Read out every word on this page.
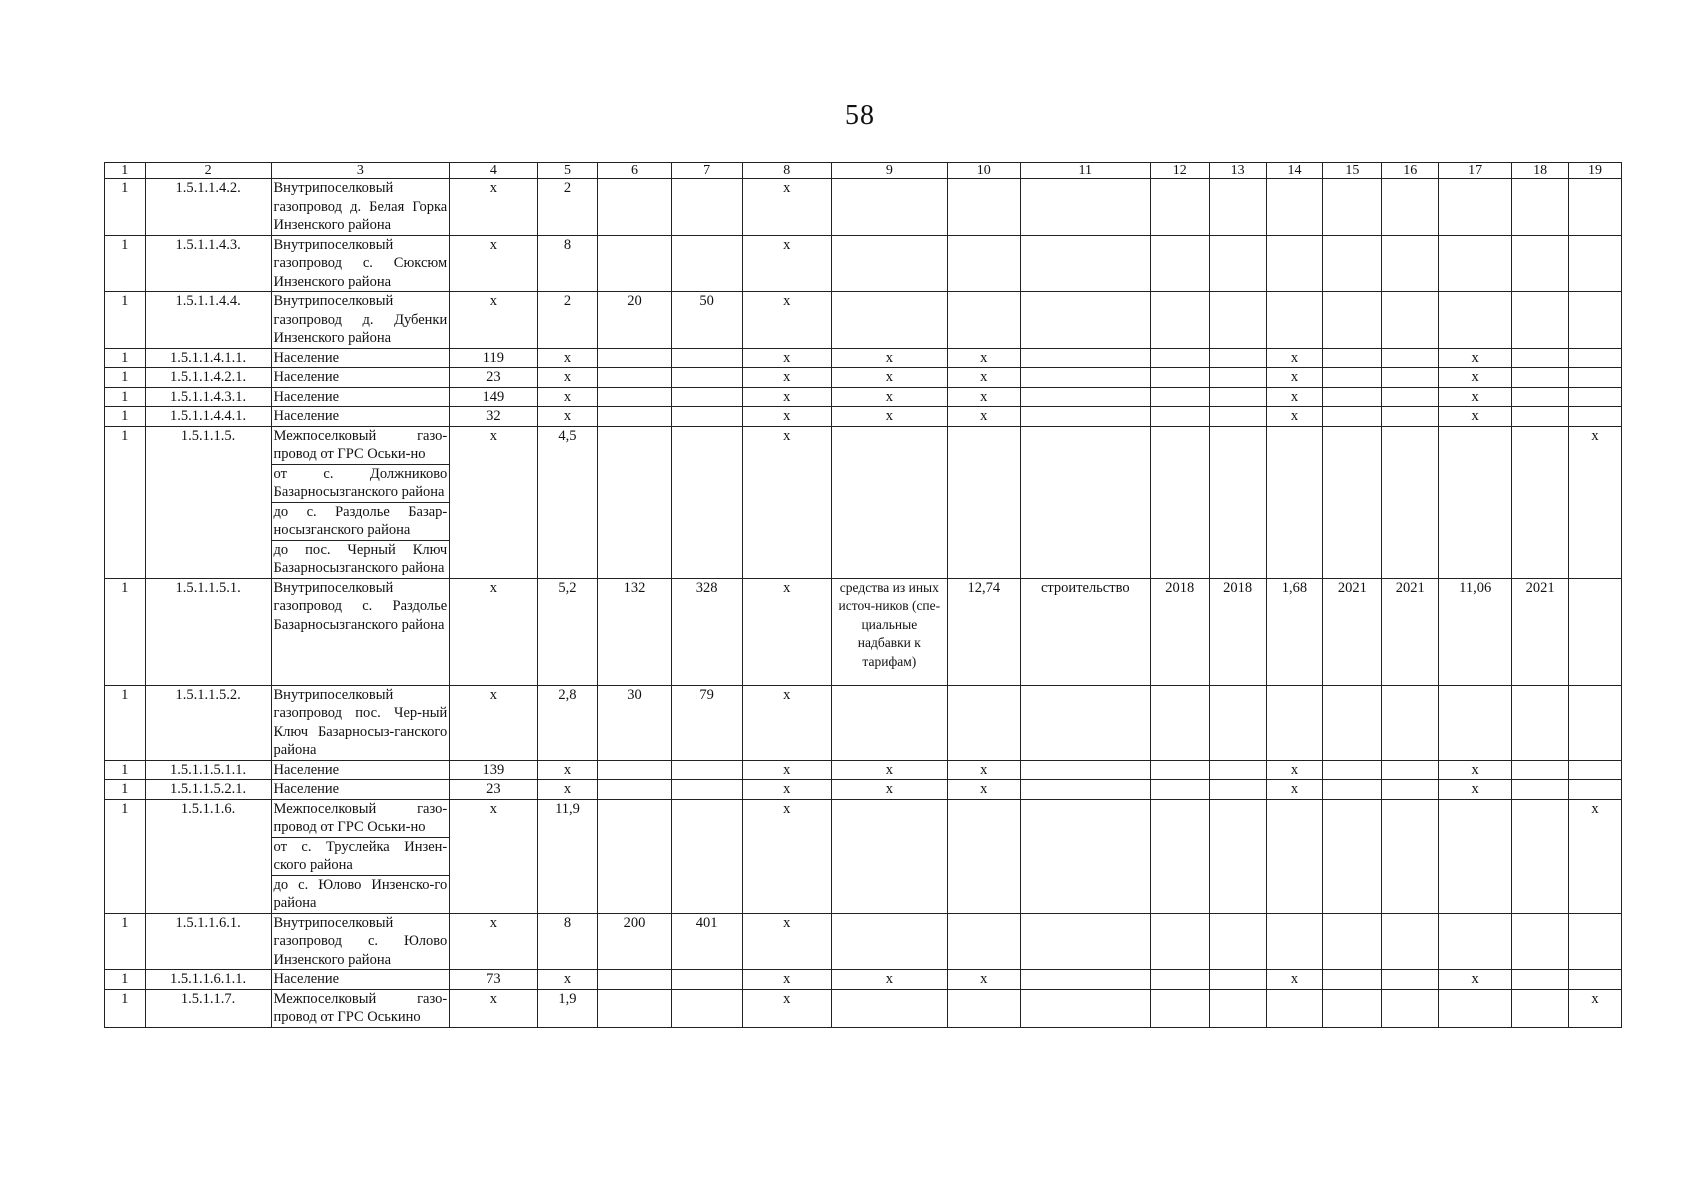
58
1	2	3	4	5	6	7	8	9	10	11	12	13	14	15	16	17	18	19
1	1.5.1.1.4.2.	Внутрипоселковый газопровод д. Белая Горка Инзенского района	x	2			x											
1	1.5.1.1.4.3.	Внутрипоселковый газопровод с. Сюксюм Инзенского района	x	8			x											
1	1.5.1.1.4.4.	Внутрипоселковый газопровод д. Дубенки Инзенского района	x	2	20	50	x											
1	1.5.1.1.4.1.1.	Население	119	x			x	x	x				x			x		
1	1.5.1.1.4.2.1.	Население	23	x			x	x	x				x			x		
1	1.5.1.1.4.3.1.	Население	149	x			x	x	x				x			x		
1	1.5.1.1.4.4.1.	Население	32	x			x	x	x				x			x		
1	1.5.1.1.5.	Межпоселковый газо-провод от ГРС Оськи-но	x	4,5			x											x
		от с. Должниково Базарносызганского района																
		до с. Раздолье Базар-носызганского района																
		до пос. Черный Ключ Базарносызганского района																
1	1.5.1.1.5.1.	Внутрипоселковый газопровод с. Раздолье Базарносызганского района	x	5,2	132	328	x	средства из иных источ-ников (спе-циальные надбавки к тарифам)	12,74	строительство	2018	2018	1,68	2021	2021	11,06	2021	
1	1.5.1.1.5.2.	Внутрипоселковый газопровод пос. Чер-ный Ключ Базарносыз-ганского района	x	2,8	30	79	x											
1	1.5.1.1.5.1.1.	Население	139	x			x	x	x				x			x		
1	1.5.1.1.5.2.1.	Население	23	x			x	x	x				x			x		
1	1.5.1.1.6.	Межпоселковый газо-провод от ГРС Оськи-но	x	11,9			x											x
		от с. Труслейка Инзен-ского района																
		до с. Юлово Инзенско-го района																
1	1.5.1.1.6.1.	Внутрипоселковый газопровод с. Юлово Инзенского района	x	8	200	401	x											
1	1.5.1.1.6.1.1.	Население	73	x			x	x	x				x			x		
1	1.5.1.1.7.	Межпоселковый газо-провод от ГРС Оськино	x	1,9			x											x
